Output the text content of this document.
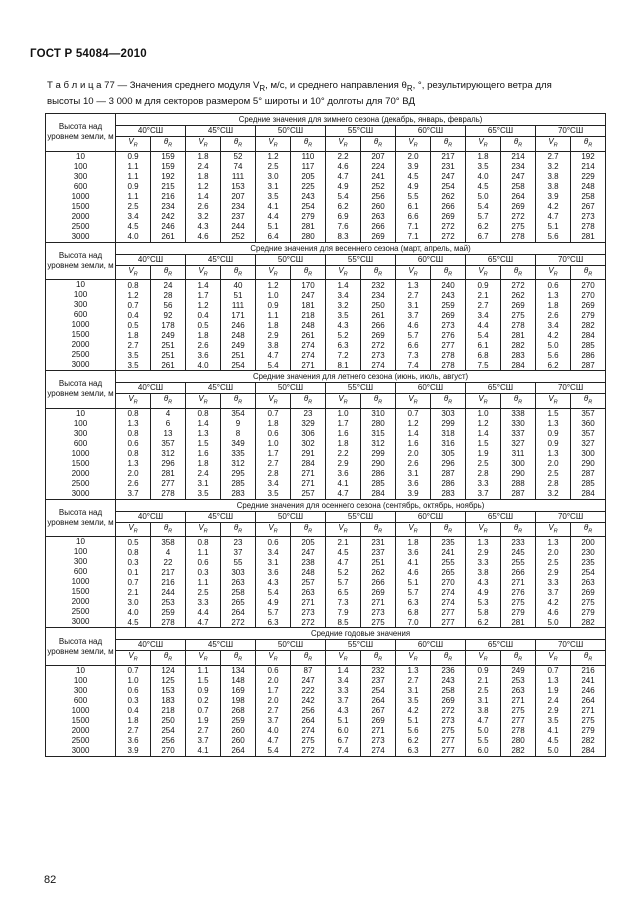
ГОСТ Р 54084—2010
Т а б л и ц а 77 — Значения среднего модуля $V_R$, м/с, и среднего направления $\theta_R$, °, результирующего ветра для
высоты 10 — 3 000 м для секторов размером 5° широты и 10° долготы для 70° ВД
Высота над уровнем земли, м	Средние значения для зимнего сезона (декабрь, январь, февраль)													
	40°СШ		45°СШ		50°СШ		55°СШ		60°СШ		65°СШ		70°СШ	
	$V_R$	$\theta_R$	$V_R$	$\theta_R$	$V_R$	$\theta_R$	$V_R$	$\theta_R$	$V_R$	$\theta_R$	$V_R$	$\theta_R$	$V_R$	$\theta_R$
10	0.9	159	1.8	52	1.2	110	2.2	207	2.0	217	1.8	214	2.7	192
100	1.1	159	2.4	74	2.5	117	4.6	224	3.9	231	3.5	234	3.2	214
300	1.1	192	1.8	111	3.0	205	4.7	241	4.5	247	4.0	247	3.8	229
600	0.9	215	1.2	153	3.1	225	4.9	252	4.9	254	4.5	258	3.8	248
1000	1.1	216	1.4	207	3.5	243	5.4	256	5.5	262	5.0	264	3.9	258
1500	2.5	234	2.6	234	4.1	254	6.2	260	6.1	266	5.4	269	4.2	267
2000	3.4	242	3.2	237	4.4	279	6.9	263	6.6	269	5.7	272	4.7	273
2500	4.5	246	4.3	244	5.1	281	7.6	266	7.1	272	6.2	275	5.1	278
3000	4.0	261	4.6	252	6.4	280	8.3	269	7.1	272	6.7	278	5.6	281
Высота над уровнем земли, м	Средние значения для весеннего сезона (март, апрель, май)													
	40°СШ		45°СШ		50°СШ		55°СШ		60°СШ		65°СШ		70°СШ	
	$V_R$	$\theta_R$	$V_R$	$\theta_R$	$V_R$	$\theta_R$	$V_R$	$\theta_R$	$V_R$	$\theta_R$	$V_R$	$\theta_R$	$V_R$	$\theta_R$
10	0.8	24	1.4	40	1.2	170	1.4	232	1.3	240	0.9	272	0.6	270
100	1.2	28	1.7	51	1.0	247	3.4	234	2.7	243	2.1	262	1.3	270
300	0.7	56	1.2	111	0.9	181	3.2	250	3.1	259	2.7	269	1.8	269
600	0.4	92	0.4	171	1.1	218	3.5	261	3.7	269	3.4	275	2.6	279
1000	0.5	178	0.5	246	1.8	248	4.3	266	4.6	273	4.4	278	3.4	282
1500	1.8	249	1.8	248	2.9	261	5.2	269	5.7	276	5.4	281	4.2	284
2000	2.7	251	2.6	249	3.8	274	6.3	272	6.6	277	6.1	282	5.0	285
2500	3.5	251	3.6	251	4.7	274	7.2	273	7.3	278	6.8	283	5.6	286
3000	3.5	261	4.0	254	5.4	271	8.1	274	7.4	278	7.5	284	6.2	287
Высота над уровнем земли, м	Средние значения для летнего сезона (июнь, июль, август)													
	40°СШ		45°СШ		50°СШ		55°СШ		60°СШ		65°СШ		70°СШ	
	$V_R$	$\theta_R$	$V_R$	$\theta_R$	$V_R$	$\theta_R$	$V_R$	$\theta_R$	$V_R$	$\theta_R$	$V_R$	$\theta_R$	$V_R$	$\theta_R$
10	0.8	4	0.8	354	0.7	23	1.0	310	0.7	303	1.0	338	1.5	357
100	1.3	6	1.4	9	1.8	329	1.7	280	1.2	299	1.2	330	1.3	360
300	0.8	13	1.3	8	0.6	306	1.6	315	1.4	318	1.4	337	0.9	357
600	0.6	357	1.5	349	1.0	302	1.8	312	1.6	316	1.5	327	0.9	327
1000	0.8	312	1.6	335	1.7	291	2.2	299	2.0	305	1.9	311	1.3	300
1500	1.3	296	1.8	312	2.7	284	2.9	290	2.6	296	2.5	300	2.0	290
2000	2.0	281	2.4	295	2.8	271	3.6	286	3.1	287	2.8	290	2.5	287
2500	2.6	277	3.1	285	3.4	271	4.1	285	3.6	286	3.3	288	2.8	285
3000	3.7	278	3.5	283	3.5	257	4.7	284	3.9	283	3.7	287	3.2	284
Высота над уровнем земли, м	Средние значения для осеннего сезона (сентябрь, октябрь, ноябрь)													
	40°СШ		45°СШ		50°СШ		55°СШ		60°СШ		65°СШ		70°СШ	
	$V_R$	$\theta_R$	$V_R$	$\theta_R$	$V_R$	$\theta_R$	$V_R$	$\theta_R$	$V_R$	$\theta_R$	$V_R$	$\theta_R$	$V_R$	$\theta_R$
10	0.5	358	0.8	23	0.6	205	2.1	231	1.8	235	1.3	233	1.3	200
100	0.8	4	1.1	37	3.4	247	4.5	237	3.6	241	2.9	245	2.0	230
300	0.3	22	0.6	55	3.1	238	4.7	251	4.1	255	3.3	255	2.5	235
600	0.1	217	0.3	303	3.6	248	5.2	262	4.6	265	3.8	266	2.9	254
1000	0.7	216	1.1	263	4.3	257	5.7	266	5.1	270	4.3	271	3.3	263
1500	2.1	244	2.5	258	5.4	263	6.5	269	5.7	274	4.9	276	3.7	269
2000	3.0	253	3.3	265	4.9	271	7.3	271	6.3	274	5.3	275	4.2	275
2500	4.0	259	4.4	264	5.7	273	7.9	273	6.8	277	5.8	279	4.6	279
3000	4.5	278	4.7	272	6.3	272	8.5	275	7.0	277	6.2	281	5.0	282
Высота над уровнем земли, м	Средние годовые значения													
	40°СШ		45°СШ		50°СШ		55°СШ		60°СШ		65°СШ		70°СШ	
	$V_R$	$\theta_R$	$V_R$	$\theta_R$	$V_R$	$\theta_R$	$V_R$	$\theta_R$	$V_R$	$\theta_R$	$V_R$	$\theta_R$	$V_R$	$\theta_R$
10	0.7	124	1.1	134	0.6	87	1.4	232	1.3	236	0.9	249	0.7	216
100	1.0	125	1.5	148	2.0	247	3.4	237	2.7	243	2.1	253	1.3	241
300	0.6	153	0.9	169	1.7	222	3.3	254	3.1	258	2.5	263	1.9	246
600	0.3	183	0.2	198	2.0	242	3.7	264	3.5	269	3.1	271	2.4	264
1000	0.4	218	0.7	268	2.7	256	4.3	267	4.2	272	3.8	275	2.9	271
1500	1.8	250	1.9	259	3.7	264	5.1	269	5.1	273	4.7	277	3.5	275
2000	2.7	254	2.7	260	4.0	274	6.0	271	5.6	275	5.0	278	4.1	279
2500	3.6	256	3.7	260	4.7	275	6.7	273	6.2	277	5.5	280	4.5	282
3000	3.9	270	4.1	264	5.4	272	7.4	274	6.3	277	6.0	282	5.0	284
82
